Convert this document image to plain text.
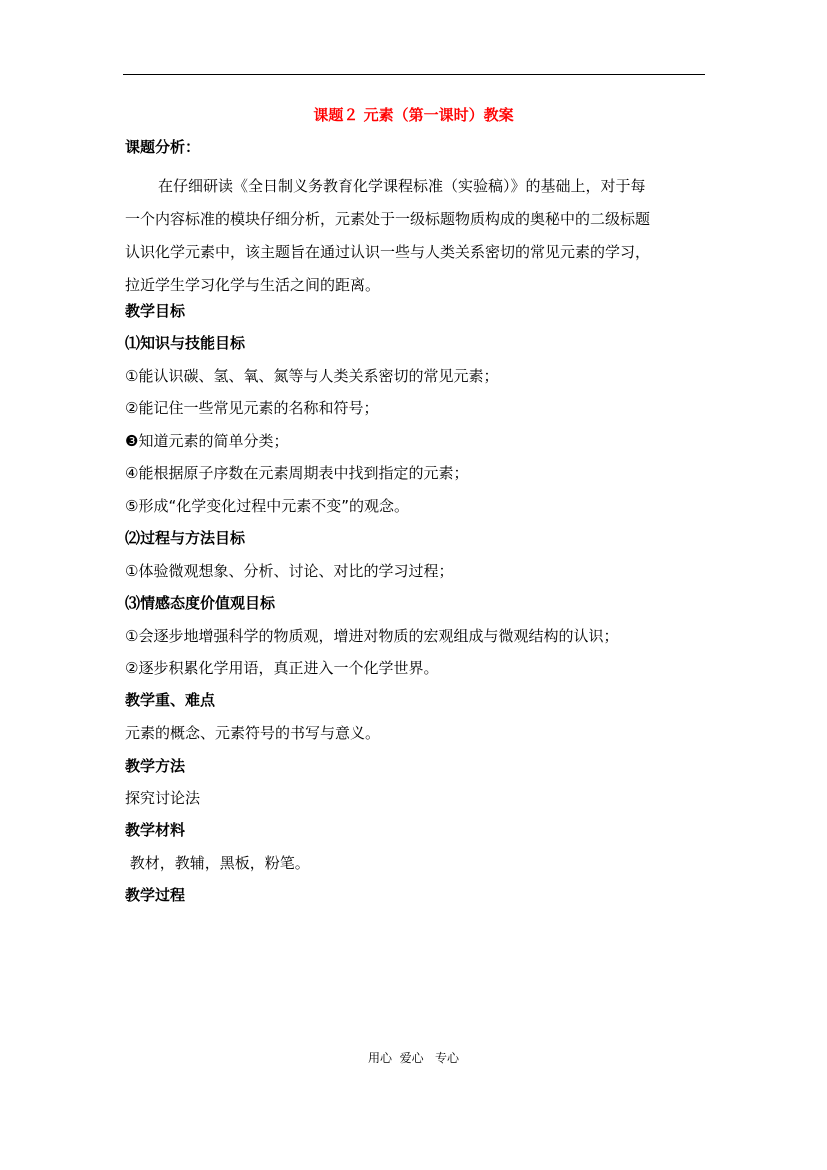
课题２ 元素（第一课时）教案
课题分析：
在仔细研读《全日制义务教育化学课程标准（实验稿）》的基础上，对于每
一个内容标准的模块仔细分析，元素处于一级标题物质构成的奥秘中的二级标题
认识化学元素中，该主题旨在通过认识一些与人类关系密切的常见元素的学习，
拉近学生学习化学与生活之间的距离。
教学目标
⑴知识与技能目标
①能认识碳、氢、氧、氮等与人类关系密切的常见元素；
②能记住一些常见元素的名称和符号；
❸知道元素的简单分类；
④能根据原子序数在元素周期表中找到指定的元素；
⑤形成“化学变化过程中元素不变”的观念。
⑵过程与方法目标
①体验微观想象、分析、讨论、对比的学习过程；
⑶情感态度价值观目标
①会逐步地增强科学的物质观，增进对物质的宏观组成与微观结构的认识；
②逐步积累化学用语，真正进入一个化学世界。
教学重、难点
元素的概念、元素符号的书写与意义。
教学方法
探究讨论法
教学材料
教材，教辅，黑板，粉笔。
教学过程
用心  爱心   专心
